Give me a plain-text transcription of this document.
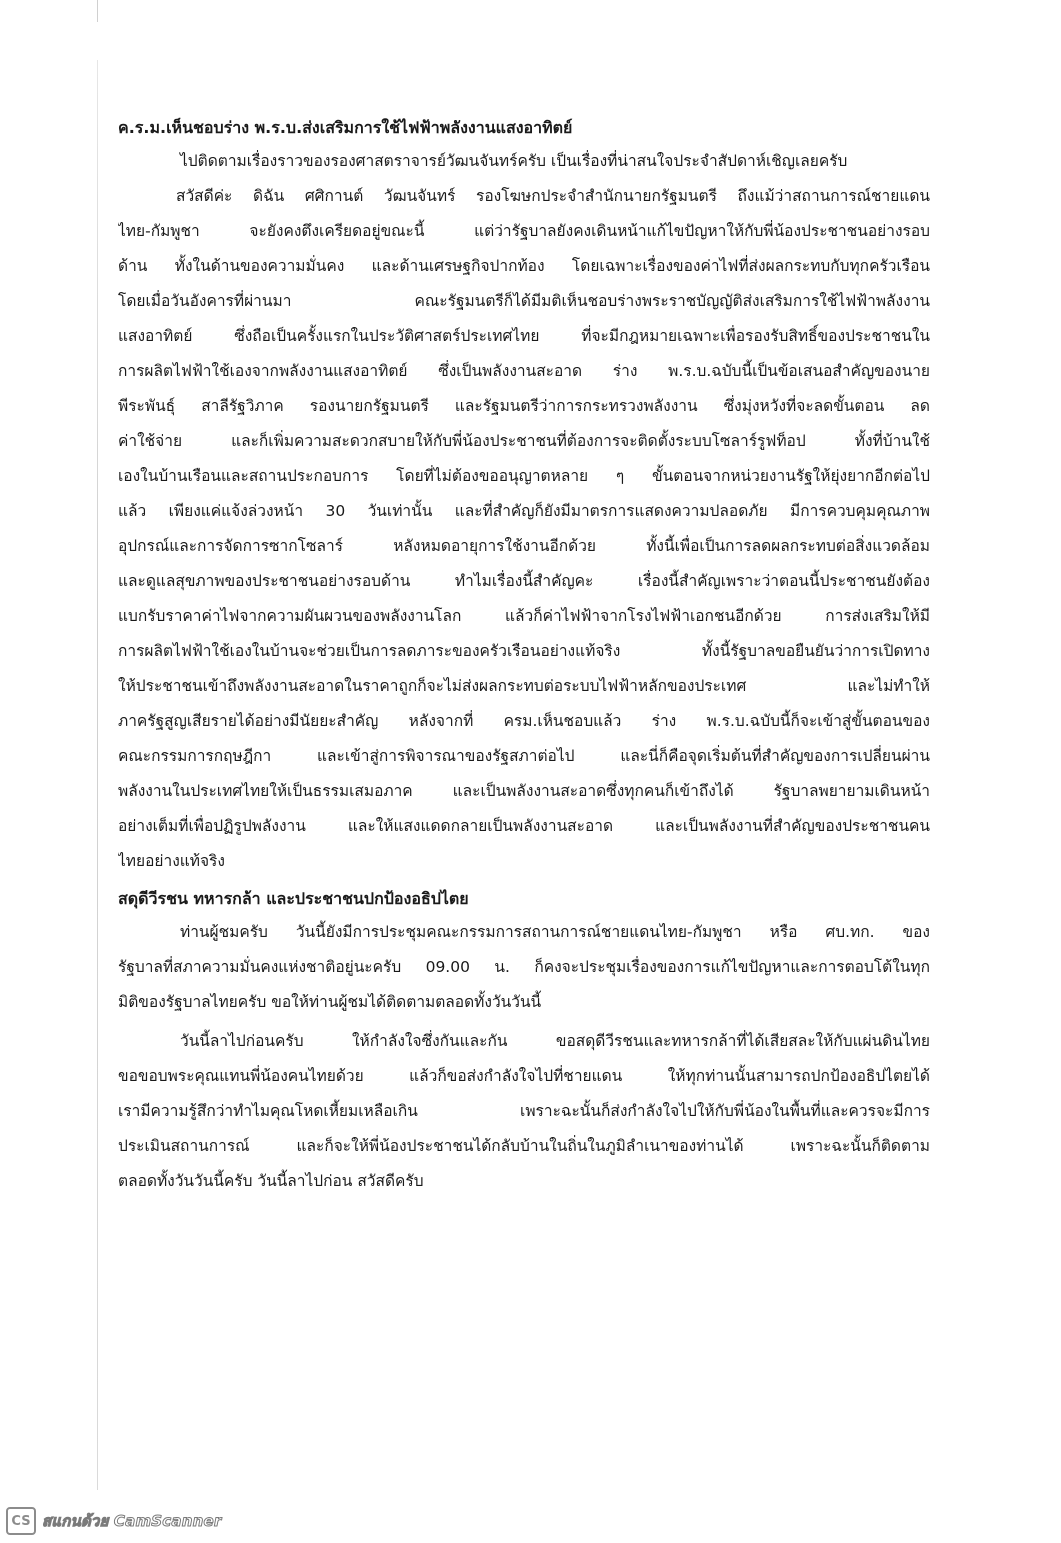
ค.ร.ม.เห็นชอบร่าง พ.ร.บ.ส่งเสริมการใช้ไฟฟ้าพลังงานแสงอาทิตย์
ไปติดตามเรื่องราวของรองศาสตราจารย์วัฒนจันทร์ครับ เป็นเรื่องที่น่าสนใจประจำสัปดาห์เชิญเลยครับ
สวัสดีค่ะ ดิฉัน ศศิกานต์ วัฒนจันทร์ รองโฆษกประจำสำนักนายกรัฐมนตรี ถึงแม้ว่าสถานการณ์ชายแดน
ไทย-กัมพูชา จะยังคงตึงเครียดอยู่ขณะนี้ แต่ว่ารัฐบาลยังคงเดินหน้าแก้ไขปัญหาให้กับพี่น้องประชาชนอย่างรอบ
ด้าน ทั้งในด้านของความมั่นคง และด้านเศรษฐกิจปากท้อง โดยเฉพาะเรื่องของค่าไฟที่ส่งผลกระทบกับทุกครัวเรือน
โดยเมื่อวันอังคารที่ผ่านมา คณะรัฐมนตรีก็ได้มีมติเห็นชอบร่างพระราชบัญญัติส่งเสริมการใช้ไฟฟ้าพลังงาน
แสงอาทิตย์ ซึ่งถือเป็นครั้งแรกในประวัติศาสตร์ประเทศไทย ที่จะมีกฎหมายเฉพาะเพื่อรองรับสิทธิ์ของประชาชนใน
การผลิตไฟฟ้าใช้เองจากพลังงานแสงอาทิตย์ ซึ่งเป็นพลังงานสะอาด ร่าง พ.ร.บ.ฉบับนี้เป็นข้อเสนอสำคัญของนาย
พีระพันธุ์ สาลีรัฐวิภาค รองนายกรัฐมนตรี และรัฐมนตรีว่าการกระทรวงพลังงาน ซึ่งมุ่งหวังที่จะลดขั้นตอน ลด
ค่าใช้จ่าย และก็เพิ่มความสะดวกสบายให้กับพี่น้องประชาชนที่ต้องการจะติดตั้งระบบโซลาร์รูฟท็อป ทั้งที่บ้านใช้
เองในบ้านเรือนและสถานประกอบการ โดยที่ไม่ต้องขออนุญาตหลาย ๆ ขั้นตอนจากหน่วยงานรัฐให้ยุ่งยากอีกต่อไป
แล้ว เพียงแค่แจ้งล่วงหน้า 30 วันเท่านั้น และที่สำคัญก็ยังมีมาตรการแสดงความปลอดภัย มีการควบคุมคุณภาพ
อุปกรณ์และการจัดการซากโซลาร์ หลังหมดอายุการใช้งานอีกด้วย ทั้งนี้เพื่อเป็นการลดผลกระทบต่อสิ่งแวดล้อม
และดูแลสุขภาพของประชาชนอย่างรอบด้าน ทำไมเรื่องนี้สำคัญคะ เรื่องนี้สำคัญเพราะว่าตอนนี้ประชาชนยังต้อง
แบกรับราคาค่าไฟจากความผันผวนของพลังงานโลก แล้วก็ค่าไฟฟ้าจากโรงไฟฟ้าเอกชนอีกด้วย การส่งเสริมให้มี
การผลิตไฟฟ้าใช้เองในบ้านจะช่วยเป็นการลดภาระของครัวเรือนอย่างแท้จริง ทั้งนี้รัฐบาลขอยืนยันว่าการเปิดทาง
ให้ประชาชนเข้าถึงพลังงานสะอาดในราคาถูกก็จะไม่ส่งผลกระทบต่อระบบไฟฟ้าหลักของประเทศ และไม่ทำให้
ภาครัฐสูญเสียรายได้อย่างมีนัยยะสำคัญ หลังจากที่ ครม.เห็นชอบแล้ว ร่าง พ.ร.บ.ฉบับนี้ก็จะเข้าสู่ขั้นตอนของ
คณะกรรมการกฤษฎีกา และเข้าสู่การพิจารณาของรัฐสภาต่อไป และนี่ก็คือจุดเริ่มต้นที่สำคัญของการเปลี่ยนผ่าน
พลังงานในประเทศไทยให้เป็นธรรมเสมอภาค และเป็นพลังงานสะอาดซึ่งทุกคนก็เข้าถึงได้ รัฐบาลพยายามเดินหน้า
อย่างเต็มที่เพื่อปฏิรูปพลังงาน และให้แสงแดดกลายเป็นพลังงานสะอาด และเป็นพลังงานที่สำคัญของประชาชนคน
ไทยอย่างแท้จริง
สดุดีวีรชน ทหารกล้า และประชาชนปกป้องอธิปไตย
ท่านผู้ชมครับ วันนี้ยังมีการประชุมคณะกรรมการสถานการณ์ชายแดนไทย-กัมพูชา หรือ ศบ.ทก. ของ
รัฐบาลที่สภาความมั่นคงแห่งชาติอยู่นะครับ 09.00 น. ก็คงจะประชุมเรื่องของการแก้ไขปัญหาและการตอบโต้ในทุก
มิติของรัฐบาลไทยครับ ขอให้ท่านผู้ชมได้ติดตามตลอดทั้งวันวันนี้
วันนี้ลาไปก่อนครับ ให้กำลังใจซึ่งกันและกัน ขอสดุดีวีรชนและทหารกล้าที่ได้เสียสละให้กับแผ่นดินไทย
ขอขอบพระคุณแทนพี่น้องคนไทยด้วย แล้วก็ขอส่งกำลังใจไปที่ชายแดน ให้ทุกท่านนั้นสามารถปกป้องอธิปไตยได้
เรามีความรู้สึกว่าทำไมคุณโหดเหี้ยมเหลือเกิน เพราะฉะนั้นก็ส่งกำลังใจไปให้กับพี่น้องในพื้นที่และควรจะมีการ
ประเมินสถานการณ์ และก็จะให้พี่น้องประชาชนได้กลับบ้านในถิ่นในภูมิลำเนาของท่านได้ เพราะฉะนั้นก็ติดตาม
ตลอดทั้งวันวันนี้ครับ วันนี้ลาไปก่อน สวัสดีครับ
CS สแกนด้วย CamScanner
